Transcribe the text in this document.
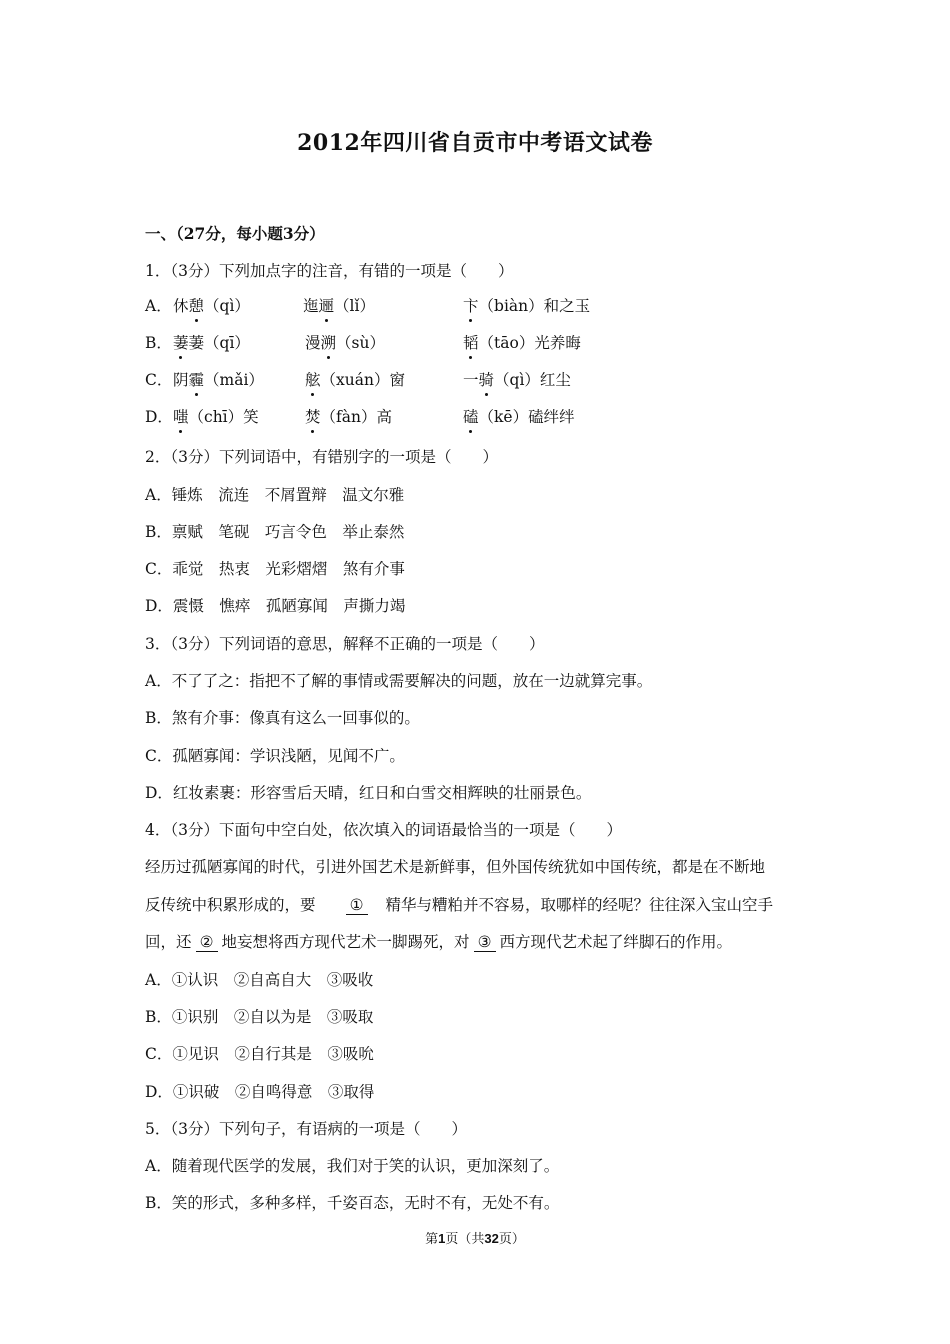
2012年四川省自贡市中考语文试卷
一、（27分，每小题3分）
1．（3分）下列加点字的注音，有错的一项是（　　）
A． 休憩（qì）	迤逦（lǐ）	卞（biàn）和之玉
B． 萋萋（qī）	漫溯（sù）	韬（tāo）光养晦
C． 阴霾（mǎi）	舷（xuán）窗	一骑（qì）红尘
D． 嗤（chī）笑	焚（fàn）高	磕（kē）磕绊绊
2．（3分）下列词语中，有错别字的一项是（　　）
A．锤炼　流连　不屑置辩　温文尔雅
B．禀赋　笔砚　巧言令色　举止泰然
C．乖觉　热衷　光彩熠熠　煞有介事
D．震慑　憔瘁　孤陋寡闻　声撕力竭
3．（3分）下列词语的意思，解释不正确的一项是（　　）
A．不了了之：指把不了解的事情或需要解决的问题，放在一边就算完事。
B．煞有介事：像真有这么一回事似的。
C．孤陋寡闻：学识浅陋，见闻不广。
D．红妆素裹：形容雪后天晴，红日和白雪交相辉映的壮丽景色。
4．（3分）下面句中空白处，依次填入的词语最恰当的一项是（　　）
经历过孤陋寡闻的时代，引进外国艺术是新鲜事，但外国传统犹如中国传统，都是在不断地
反传统中积累形成的，要 ① 精华与糟粕并不容易，取哪样的经呢？往往深入宝山空手
回，还 ② 地妄想将西方现代艺术一脚踢死，对 ③ 西方现代艺术起了绊脚石的作用。
A．①认识　②自高自大　③吸收
B．①识别　②自以为是　③吸取
C．①见识　②自行其是　③吸吮
D．①识破　②自鸣得意　③取得
5．（3分）下列句子，有语病的一项是（　　）
A．随着现代医学的发展，我们对于笑的认识，更加深刻了。
B．笑的形式，多种多样，千姿百态，无时不有，无处不有。
第1页（共32页）
